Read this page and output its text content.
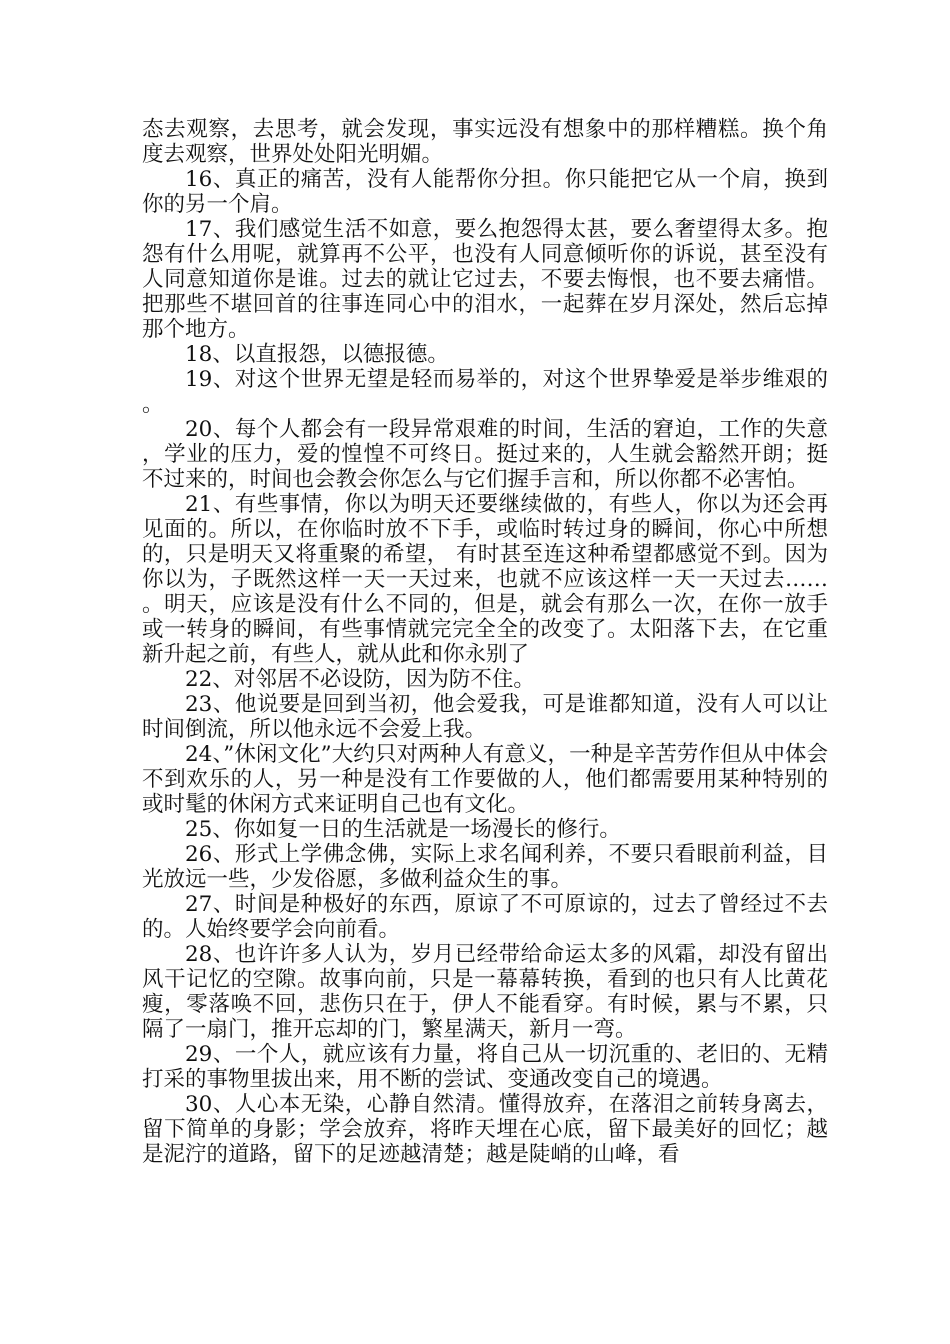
态去观察，去思考，就会发现，事实远没有想象中的那样糟糕。换个角度去观察，世界处处阳光明媚。

16、真正的痛苦，没有人能帮你分担。你只能把它从一个肩，换到你的另一个肩。

17、我们感觉生活不如意，要么抱怨得太甚，要么奢望得太多。抱怨有什么用呢，就算再不公平，也没有人同意倾听你的诉说，甚至没有人同意知道你是谁。过去的就让它过去，不要去悔恨，也不要去痛惜。把那些不堪回首的往事连同心中的泪水，一起葬在岁月深处，然后忘掉那个地方。

18、以直报怨，以德报德。

19、对这个世界无望是轻而易举的，对这个世界挚爱是举步维艰的。

20、每个人都会有一段异常艰难的时间，生活的窘迫，工作的失意，学业的压力，爱的惶惶不可终日。挺过来的，人生就会豁然开朗；挺不过来的，时间也会教会你怎么与它们握手言和，所以你都不必害怕。

21、有些事情，你以为明天还要继续做的，有些人，你以为还会再见面的。所以，在你临时放不下手，或临时转过身的瞬间，你心中所想的，只是明天又将重聚的希望， 有时甚至连这种希望都感觉不到。因为你以为，子既然这样一天一天过来，也就不应该这样一天一天过去…… 。明天，应该是没有什么不同的，但是，就会有那么一次，在你一放手或一转身的瞬间，有些事情就完完全全的改变了。太阳落下去，在它重新升起之前，有些人，就从此和你永别了

22、对邻居不必设防，因为防不住。

23、他说要是回到当初，他会爱我，可是谁都知道，没有人可以让时间倒流，所以他永远不会爱上我。

24、”休闲文化”大约只对两种人有意义，一种是辛苦劳作但从中体会不到欢乐的人，另一种是没有工作要做的人，他们都需要用某种特别的或时髦的休闲方式来证明自己也有文化。

25、你如复一日的生活就是一场漫长的修行。

26、形式上学佛念佛，实际上求名闻利养，不要只看眼前利益，目光放远一些，少发俗愿，多做利益众生的事。

27、时间是种极好的东西，原谅了不可原谅的，过去了曾经过不去的。人始终要学会向前看。

28、也许许多人认为，岁月已经带给命运太多的风霜，却没有留出风干记忆的空隙。故事向前，只是一幕幕转换，看到的也只有人比黄花瘦，零落唤不回，悲伤只在于，伊人不能看穿。有时候，累与不累，只隔了一扇门，推开忘却的门，繁星满天，新月一弯。

29、一个人，就应该有力量，将自己从一切沉重的、老旧的、无精打采的事物里拔出来，用不断的尝试、变通改变自己的境遇。

30、人心本无染，心静自然清。懂得放弃，在落泪之前转身离去，留下简单的身影；学会放弃，将昨天埋在心底，留下最美好的回忆；越是泥泞的道路，留下的足迹越清楚；越是陡峭的山峰，看
